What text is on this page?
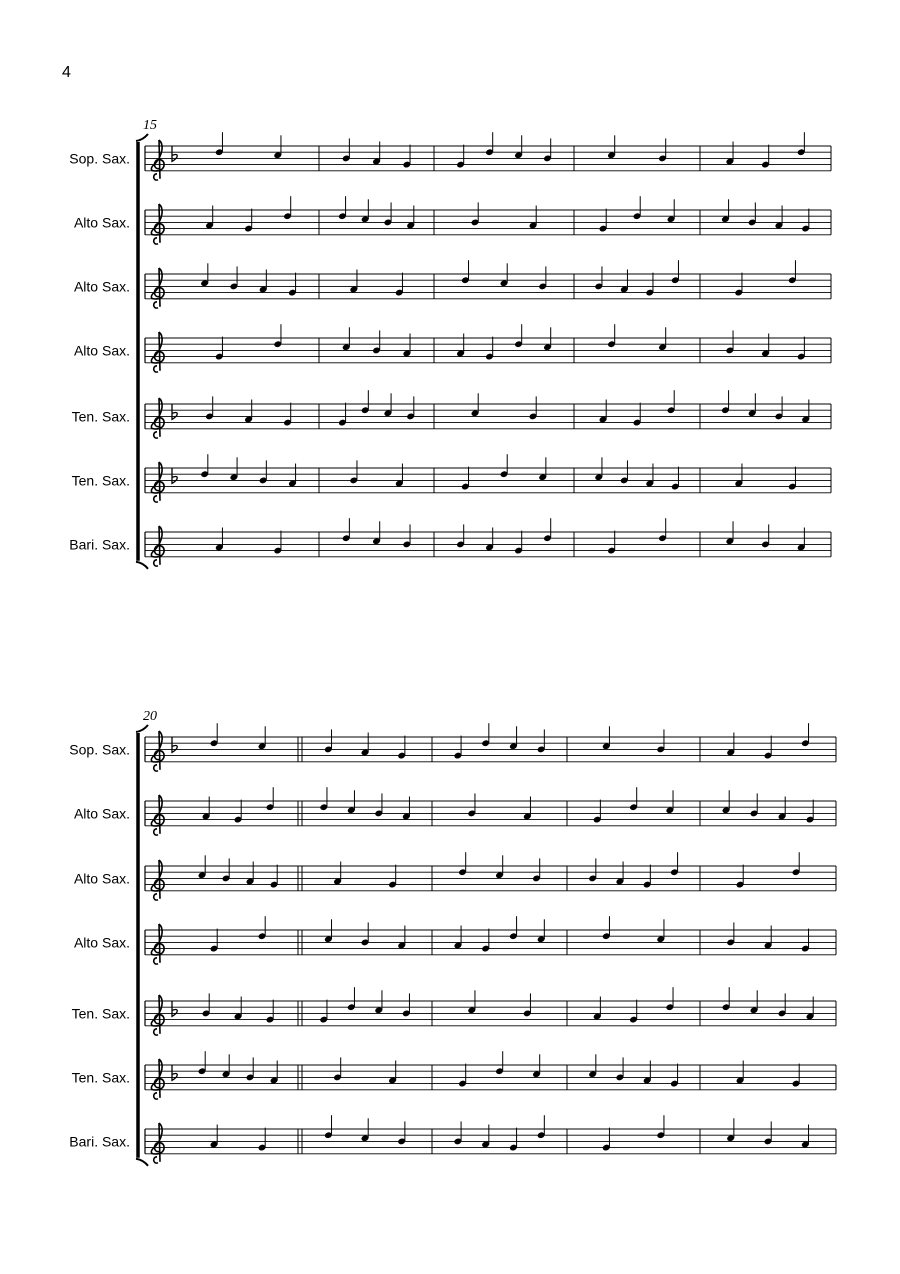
4
15
Sop. Sax.
Alto Sax.
Alto Sax.
Alto Sax.
Ten. Sax.
Ten. Sax.
Bari. Sax.
20
Sop. Sax.
Alto Sax.
Alto Sax.
Alto Sax.
Ten. Sax.
Ten. Sax.
Bari. Sax.
